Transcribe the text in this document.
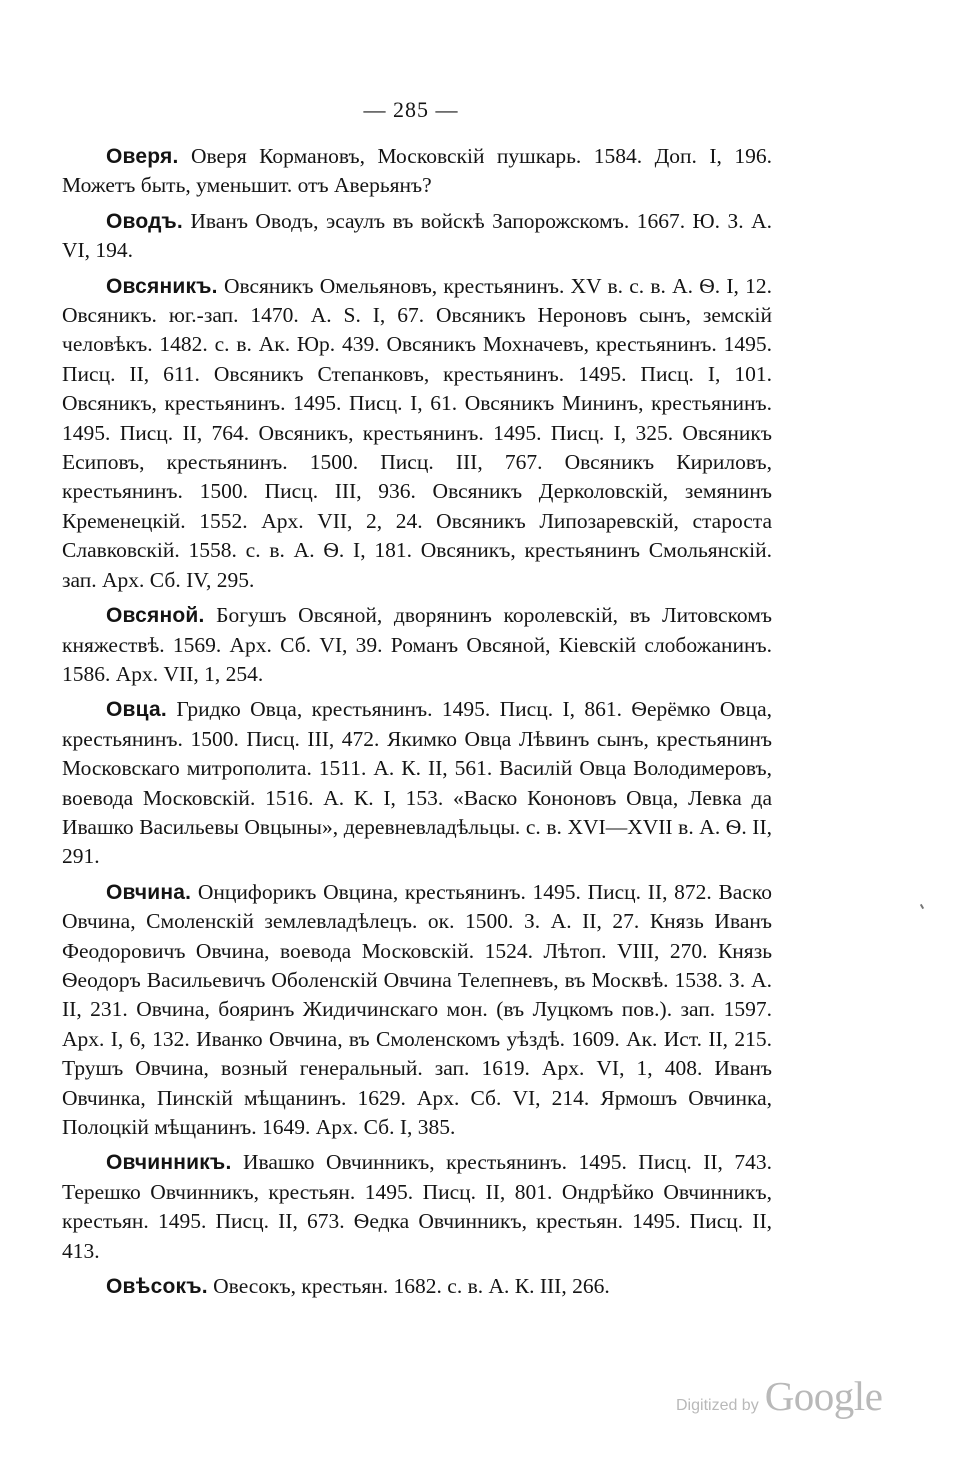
— 285 —

Оверя. Оверя Кормановъ, Московскій пушкарь. 1584. Доп. I, 196. Можетъ быть, уменьшит. отъ Аверьянъ?

Оводъ. Иванъ Оводъ, эсаулъ въ войскѣ Запорожскомъ. 1667. Ю. З. А. VI, 194.

Овсяникъ. Овсяникъ Омельяновъ, крестьянинъ. XV в. с. в. А. Ѳ. I, 12. Овсяникъ. юг.-зап. 1470. A. S. I, 67. Овсяникъ Нероновъ сынъ, земскій человѣкъ. 1482. с. в. Ак. Юр. 439. Овсяникъ Мохначевъ, крестьянинъ. 1495. Писц. II, 611. Овсяникъ Степанковъ, крестьянинъ. 1495. Писц. I, 101. Овсяникъ, крестьянинъ. 1495. Писц. I, 61. Овсяникъ Мининъ, крестьянинъ. 1495. Писц. II, 764. Овсяникъ, крестьянинъ. 1495. Писц. I, 325. Овсяникъ Есиповъ, крестьянинъ. 1500. Писц. III, 767. Овсяникъ Кириловъ, крестьянинъ. 1500. Писц. III, 936. Овсяникъ Дерколовскій, земянинъ Кременецкій. 1552. Арх. VII, 2, 24. Овсяникъ Липозаревскій, староста Славковскій. 1558. с. в. А. Ѳ. I, 181. Овсяникъ, крестьянинъ Смольянскій. зап. Арх. Сб. IV, 295.

Овсяной. Богушъ Овсяной, дворянинъ королевскій, въ Литовскомъ княжествѣ. 1569. Арх. Сб. VI, 39. Романъ Овсяной, Кіевскій слобожанинъ. 1586. Арх. VII, 1, 254.

Овца. Гридко Овца, крестьянинъ. 1495. Писц. I, 861. Ѳерёмко Овца, крестьянинъ. 1500. Писц. III, 472. Якимко Овца Лѣвинъ сынъ, крестьянинъ Московскаго митрополита. 1511. А. К. II, 561. Василій Овца Володимеровъ, воевода Московскій. 1516. А. К. I, 153. «Васко Кононовъ Овца, Левка да Ивашко Васильевы Овцыны», деревневладѣльцы. с. в. XVI—XVII в. А. Ѳ. II, 291.

Овчина. Онцифорикъ Овцина, крестьянинъ. 1495. Писц. II, 872. Васко Овчина, Смоленскій землевладѣлецъ. ок. 1500. З. А. II, 27. Князь Иванъ Феодоровичъ Овчина, воевода Московскій. 1524. Лѣтоп. VIII, 270. Князь Ѳеодоръ Васильевичъ Оболенскій Овчина Телепневъ, въ Москвѣ. 1538. З. А. II, 231. Овчина, бояринъ Жидичинскаго мон. (въ Луцкомъ пов.). зап. 1597. Арх. I, 6, 132. Иванко Овчина, въ Смоленскомъ уѣздѣ. 1609. Ак. Ист. II, 215. Трушъ Овчина, возный генеральный. зап. 1619. Арх. VI, 1, 408. Иванъ Овчинка, Пинскій мѣщанинъ. 1629. Арх. Сб. VI, 214. Ярмошъ Овчинка, Полоцкій мѣщанинъ. 1649. Арх. Сб. I, 385.

Овчинникъ. Ивашко Овчинникъ, крестьянинъ. 1495. Писц. II, 743. Терешко Овчинникъ, крестьян. 1495. Писц. II, 801. Ондрѣйко Овчинникъ, крестьян. 1495. Писц. II, 673. Ѳедка Овчинникъ, крестьян. 1495. Писц. II, 413.

Овѣсокъ. Овесокъ, крестьян. 1682. с. в. А. К. III, 266.

Digitized by Google
